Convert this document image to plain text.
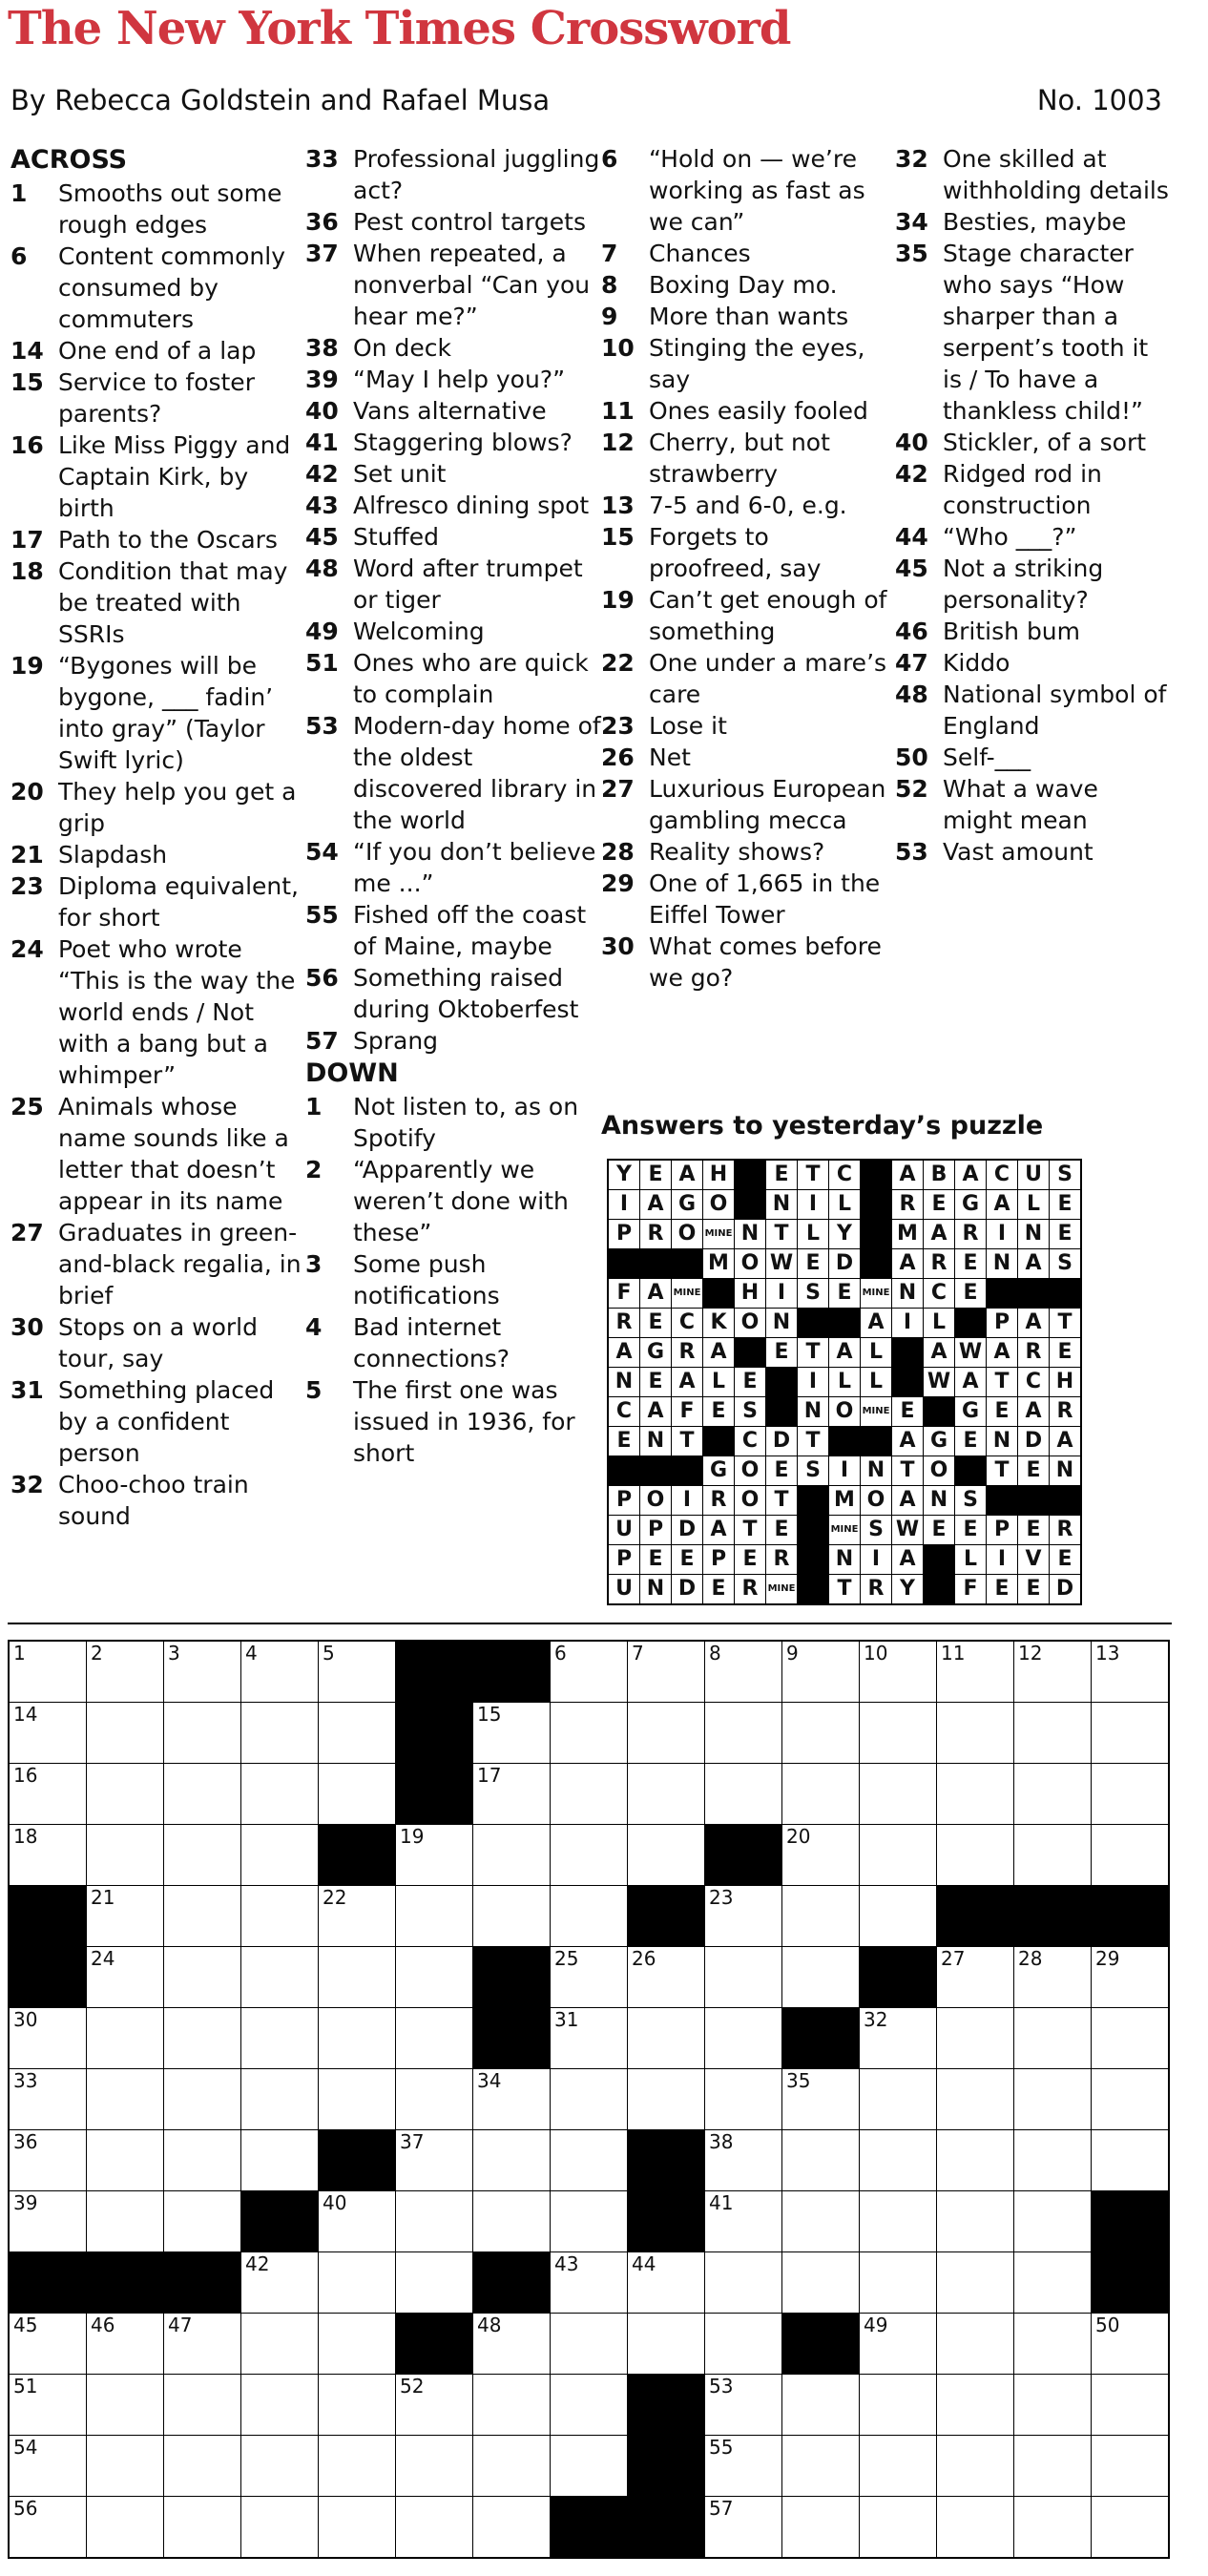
The New York Times Crossword
By Rebecca Goldstein and Rafael Musa	No. 1003
ACROSS
1	Smooths out some rough edges
6	Content commonly consumed by commuters
14 One end of a lap
15 Service to foster parents?
16 Like Miss Piggy and Captain Kirk, by birth
17 Path to the Oscars
18 Condition that may be treated with SSRIs
19 “Bygones will be bygone, ___ fadin’ into gray” (Taylor Swift lyric)
20 They help you get a grip
21 Slapdash
23 Diploma equivalent, for short
24 Poet who wrote “This is the way the world ends / Not with a bang but a whimper”
25 Animals whose name sounds like a letter that doesn’t appear in its name
27 Graduates in green-and-black regalia, in brief
30 Stops on a world tour, say
31 Something placed by a confident person
32 Choo-choo train sound
33 Professional juggling act?
36 Pest control targets
37 When repeated, a nonverbal “Can you hear me?”
38 On deck
39 “May I help you?”
40 Vans alternative
41 Staggering blows?
42 Set unit
43 Alfresco dining spot
45 Stuffed
48 Word after trumpet or tiger
49 Welcoming
51 Ones who are quick to complain
53 Modern-day home of the oldest discovered library in the world
54 “If you don’t believe me ...”
55 Fished off the coast of Maine, maybe
56 Something raised during Oktoberfest
57 Sprang
DOWN
1	Not listen to, as on Spotify
2	“Apparently we weren’t done with these”
3	Some push notifications
4	Bad internet connections?
5	The first one was issued in 1936, for short
6	“Hold on — we’re working as fast as we can”
7	Chances
8	Boxing Day mo.
9	More than wants
10 Stinging the eyes, say
11 Ones easily fooled
12 Cherry, but not strawberry
13 7-5 and 6-0, e.g.
15 Forgets to proofreed, say
19 Can’t get enough of something
22 One under a mare’s care
23 Lose it
26 Net
27 Luxurious European gambling mecca
28 Reality shows?
29 One of 1,665 in the Eiffel Tower
30 What comes before we go?
32 One skilled at withholding details
34 Besties, maybe
35 Stage character who says “How sharper than a serpent’s tooth it is / To have a thankless child!”
40 Stickler, of a sort
42 Ridged rod in construction
44 “Who ___?”
45 Not a striking personality?
46 British bum
47 Kiddo
48 National symbol of England
50 Self-___
52 What a wave might mean
53 Vast amount
Answers to yesterday’s puzzle
Y	E	A	H		E	T	C		A	B	A	C	U	S
I	A	G	O		N	I	L		R	E	G	A	L	E
P	R	O	MINE	N	T	L	Y		M	A	R	I	N	E
			M	O	W	E	D		A	R	E	N	A	S
F	A	MINE		H	I	S	E	MINE	N	C	E			
R	E	C	K	O	N			A	I	L		P	A	T
A	G	R	A		E	T	A	L		A	W	A	R	E
N	E	A	L	E		I	L	L		W	A	T	C	H
C	A	F	E	S		N	O	MINE	E		G	E	A	R
E	N	T		C	D	T			A	G	E	N	D	A
			G	O	E	S	I	N	T	O		T	E	N
P	O	I	R	O	T		M	O	A	N	S			
U	P	D	A	T	E		MINE	S	W	E	E	P	E	R
P	E	E	P	E	R		N	I	A		L	I	V	E
U	N	D	E	R	MINE		T	R	Y		F	E	E	D
1	2	3	4	5			6	7	8	9	10	11	12	13

14						15								

16						17								

18					19					20				

	21			22					23					

	24						25	26				27	28	29

30							31				32			

33						34				35				

36					37				38					

39				40					41					

			42				43	44						

45	46	47				48					49			50

51					52				53					

54									55					

56									57					
